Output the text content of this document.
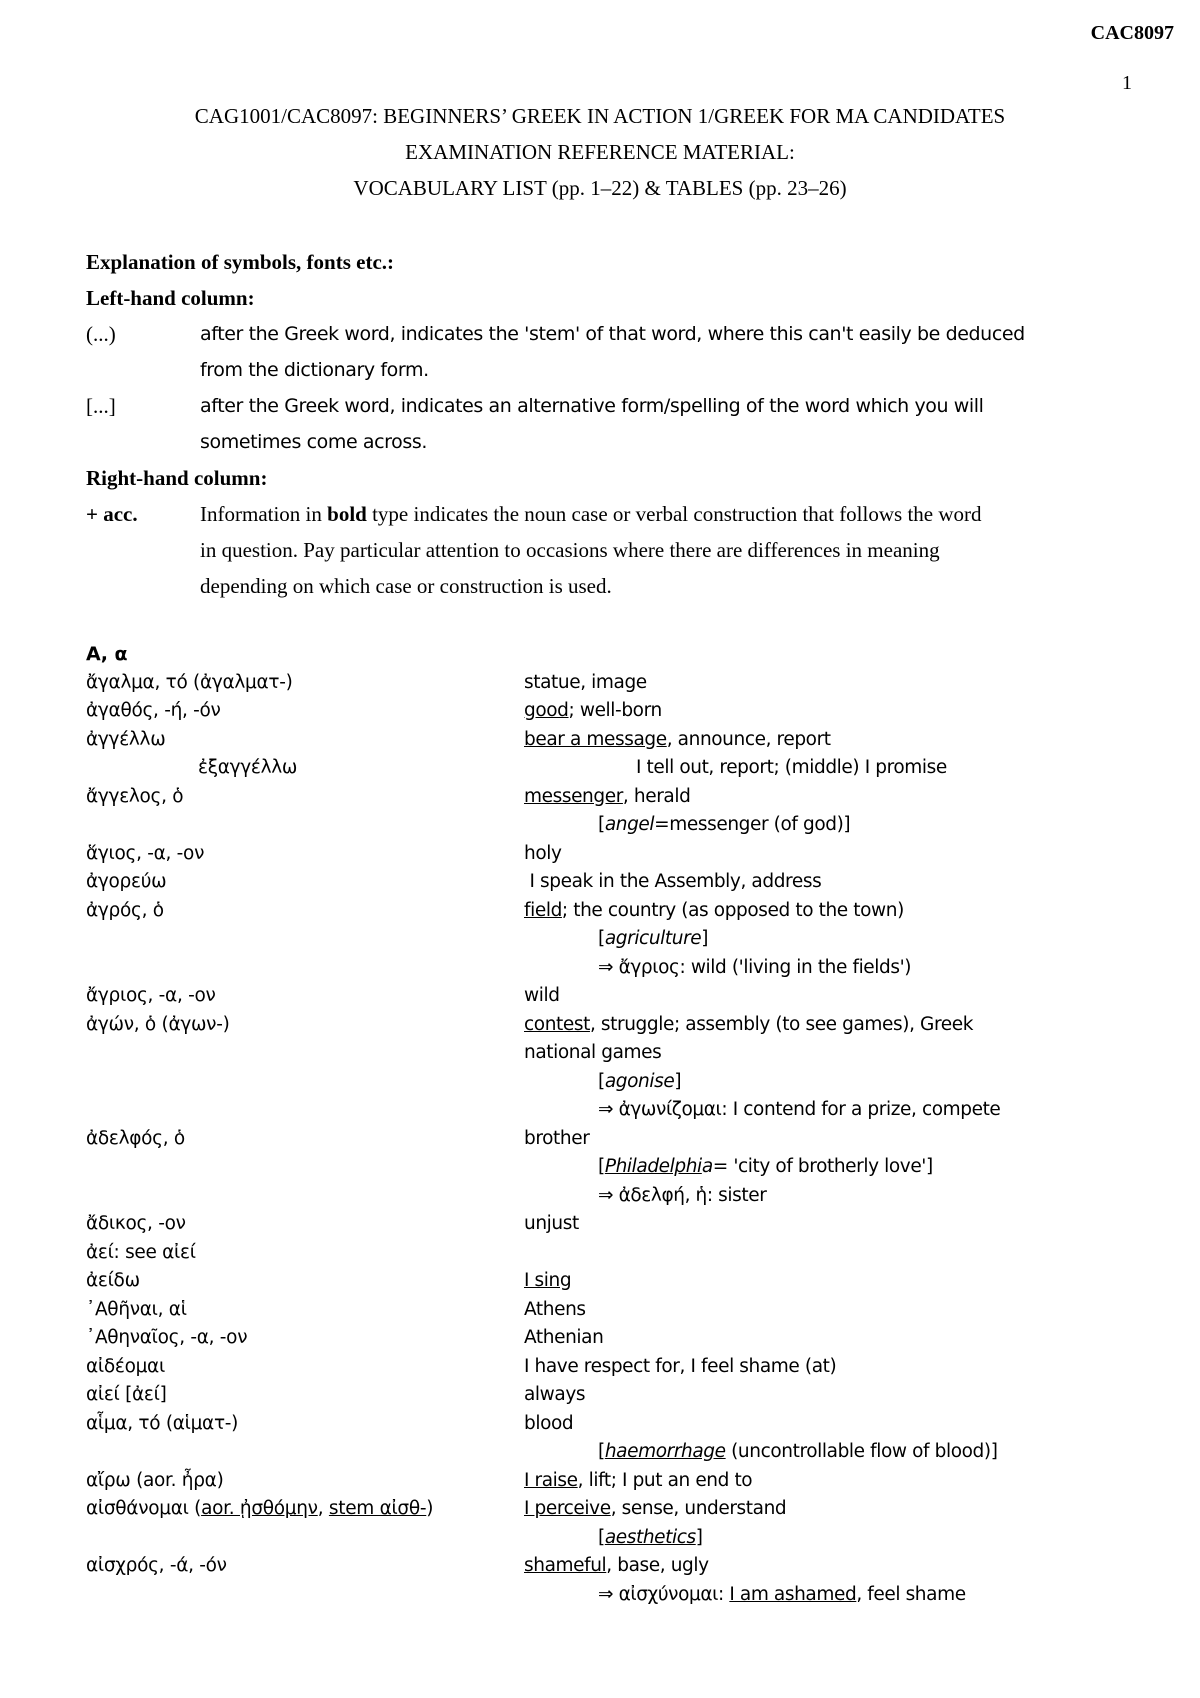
CAC8097
1
CAG1001/CAC8097: BEGINNERS’ GREEK IN ACTION 1/GREEK FOR MA CANDIDATES
EXAMINATION REFERENCE MATERIAL:
VOCABULARY LIST (pp. 1–22) & TABLES (pp. 23–26)
Explanation of symbols, fonts etc.:
Left-hand column:
(...)	after the Greek word, indicates the 'stem' of that word, where this can't easily be deduced
from the dictionary form.
[...]	after the Greek word, indicates an alternative form/spelling of the word which you will
sometimes come across.
Right-hand column:
+ acc.	Information in bold type indicates the noun case or verbal construction that follows the word
in question. Pay particular attention to occasions where there are differences in meaning
depending on which case or construction is used.
Α, α
ἄγαλμα, τό (ἀγαλματ-)	statue, image
ἀγαθός, -ή, -όν	good; well-born
ἀγγέλλω	bear a message, announce, report
ἐξαγγέλλω	I tell out, report; (middle) I promise
ἄγγελος, ὁ	messenger, herald
[angel=messenger (of god)]
ἅγιος, -α, -ον	holy
ἀγορεύω	I speak in the Assembly, address
ἀγρός, ὁ	field; the country (as opposed to the town)
[agriculture]
⇒ ἄγριος: wild ('living in the fields')
ἄγριος, -α, -ον	wild
ἀγών, ὁ (ἀγων-)	contest, struggle; assembly (to see games), Greek
national games
[agonise]
⇒ ἀγωνίζομαι: I contend for a prize, compete
ἀδελφός, ὁ	brother
[Philadelphia= 'city of brotherly love']
⇒ ἀδελφή, ἡ: sister
ἄδικος, -ον	unjust
ἀεί: see αἰεί
ἀείδω	I sing
᾿Αθῆναι, αἱ	Athens
᾿Αθηναῖος, -α, -ον	Athenian
αἰδέομαι	I have respect for, I feel shame (at)
αἰεί [ἀεί]	always
αἷμα, τό (αἱματ-)	blood
[haemorrhage (uncontrollable flow of blood)]
αἴρω (aor. ἦρα)	I raise, lift; I put an end to
αἰσθάνομαι (aor. ᾐσθόμην, stem αἰσθ-)	I perceive, sense, understand
[aesthetics]
αἰσχρός, -ά, -όν	shameful, base, ugly
⇒ αἰσχύνομαι: I am ashamed, feel shame
